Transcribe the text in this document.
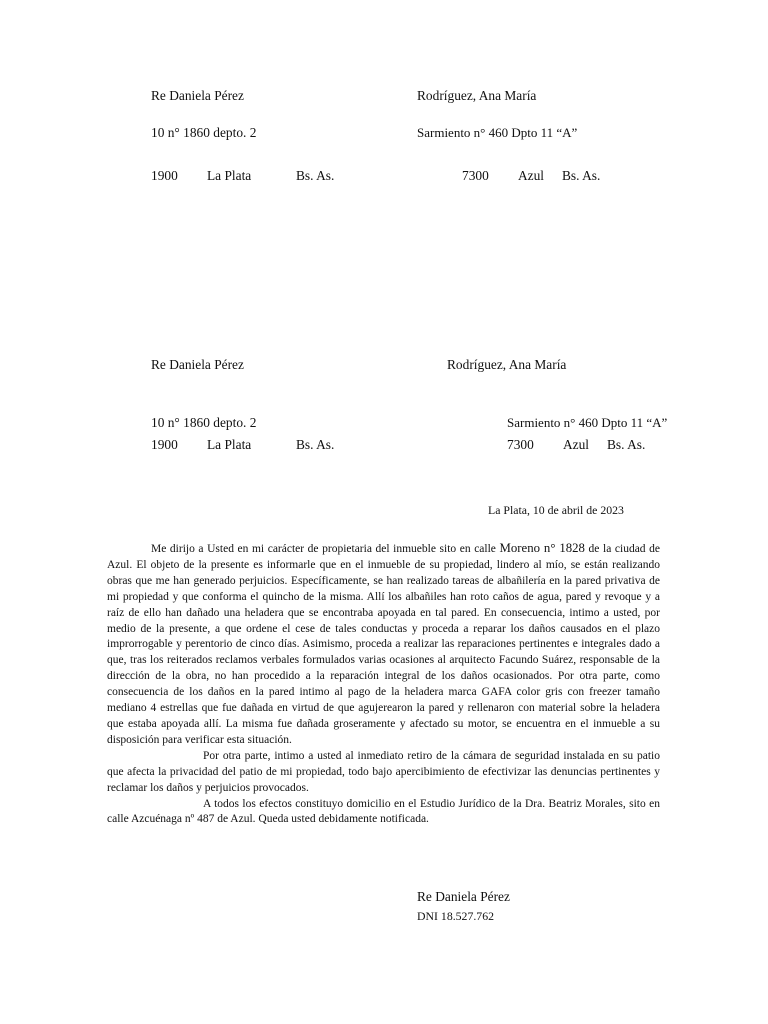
Re Daniela Pérez	Rodríguez, Ana María
10 n° 1860 depto. 2	Sarmiento n° 460 Dpto 11 “A”
1900 La Plata	Bs. As.	7300 Azul Bs. As.
Re Daniela Pérez	Rodríguez, Ana María
10 n° 1860 depto. 2	Sarmiento n° 460 Dpto 11 “A”
1900 La Plata	Bs. As.	7300 Azul Bs. As.
La Plata, 10 de abril de 2023

Me dirijo a Usted en mi carácter de propietaria del inmueble sito en calle Moreno n° 1828 de la ciudad de Azul. El objeto de la presente es informarle que en el inmueble de su propiedad, lindero al mío, se están realizando obras que me han generado perjuicios. Específicamente, se han realizado tareas de albañilería en la pared privativa de mi propiedad y que conforma el quincho de la misma. Allí los albañiles han roto caños de agua, pared y revoque y a raíz de ello han dañado una heladera que se encontraba apoyada en tal pared. En consecuencia, intimo a usted, por medio de la presente, a que ordene el cese de tales conductas y proceda a reparar los daños causados en el plazo improrrogable y perentorio de cinco días. Asimismo, proceda a realizar las reparaciones pertinentes e integrales dado a que, tras los reiterados reclamos verbales formulados varias ocasiones al arquitecto Facundo Suárez, responsable de la dirección de la obra, no han procedido a la reparación integral de los daños ocasionados. Por otra parte, como consecuencia de los daños en la pared intimo al pago de la heladera marca GAFA color gris con freezer tamaño mediano 4 estrellas que fue dañada en virtud de que agujerearon la pared y rellenaron con material sobre la heladera que estaba apoyada allí. La misma fue dañada groseramente y afectado su motor, se encuentra en el inmueble a su disposición para verificar esta situación.

Por otra parte, intimo a usted al inmediato retiro de la cámara de seguridad instalada en su patio que afecta la privacidad del patio de mi propiedad, todo bajo apercibimiento de efectivizar las denuncias pertinentes y reclamar los daños y perjuicios provocados.

A todos los efectos constituyo domicilio en el Estudio Jurídico de la Dra. Beatriz Morales, sito en calle Azcuénaga nº 487 de Azul. Queda usted debidamente notificada.

Re Daniela Pérez
DNI 18.527.762
